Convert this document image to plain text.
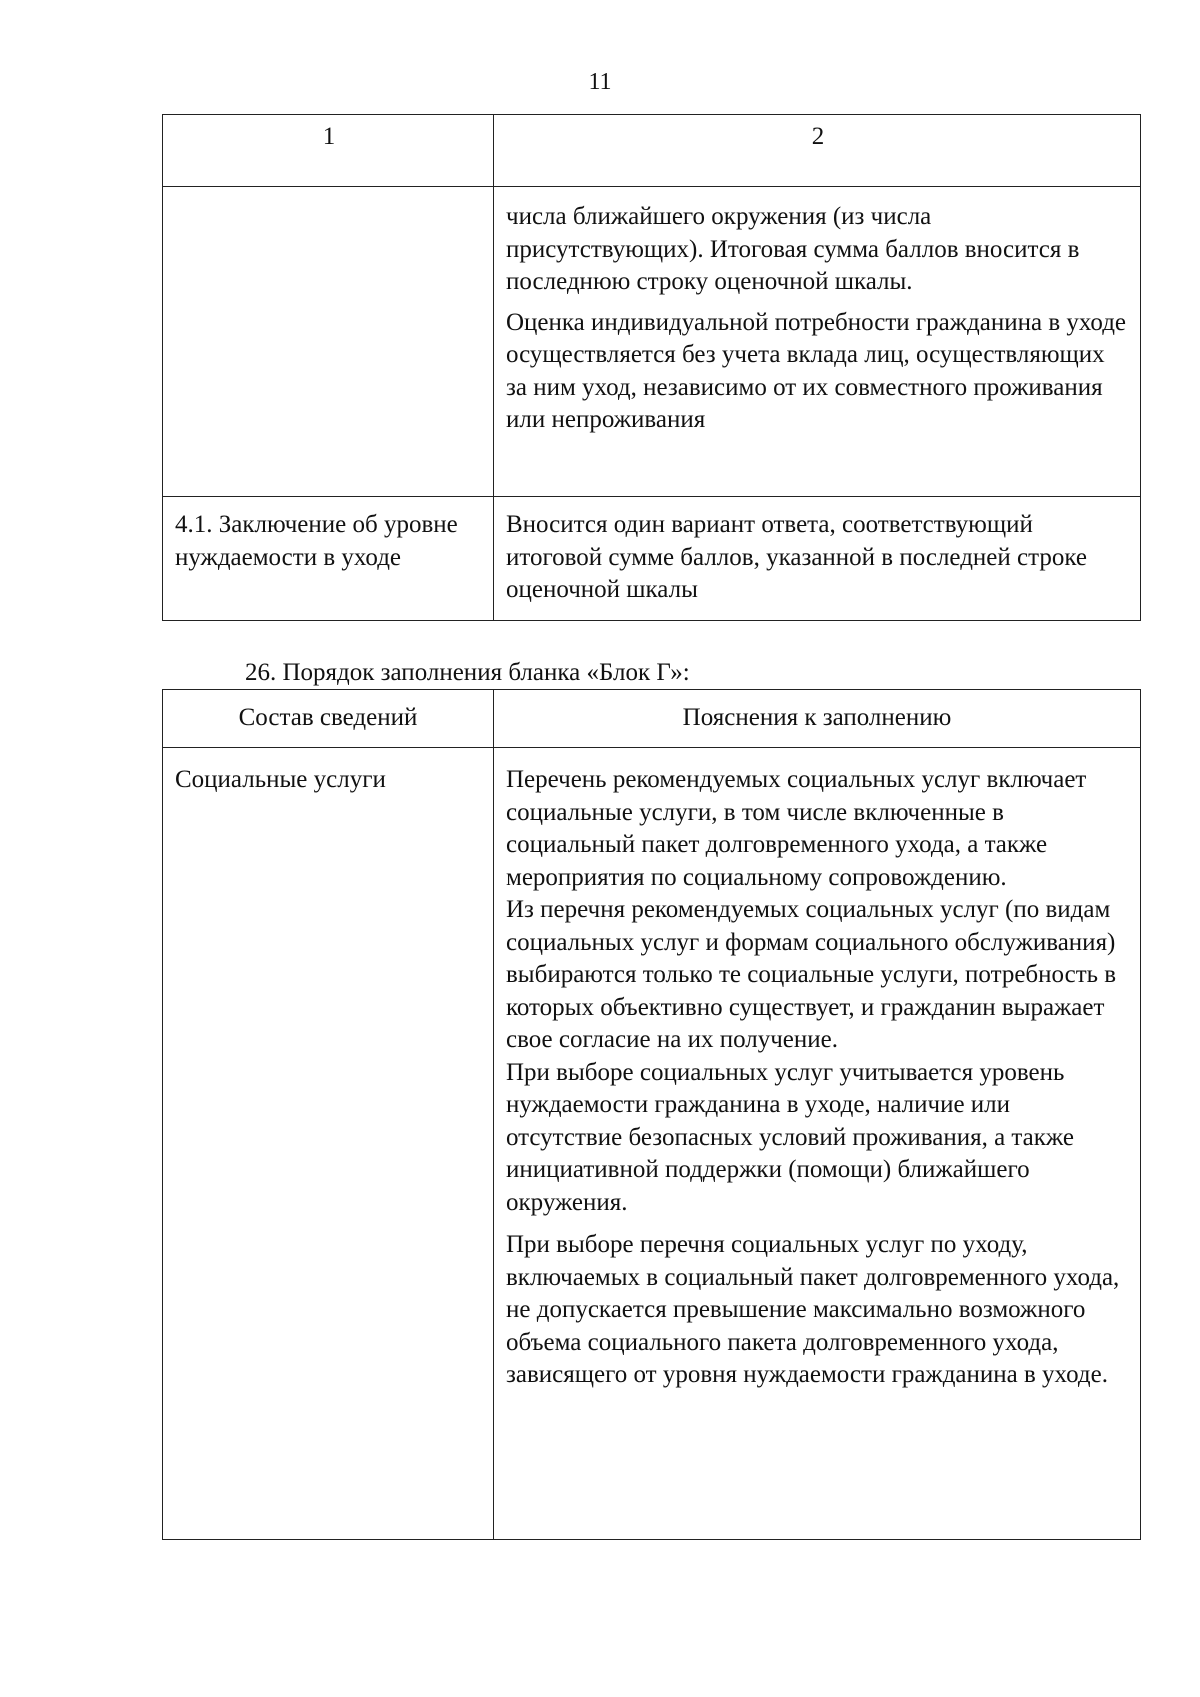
11
1	2

	числа ближайшего окружения (из числа присутствующих). Итоговая сумма баллов вносится в последнюю строку оценочной шкалы.

Оценка индивидуальной потребности гражданина в уходе осуществляется без учета вклада лиц, осуществляющих за ним уход, независимо от их совместного проживания или непроживания

4.1. Заключение об уровне нуждаемости в уходе	Вносится один вариант ответа, соответствующий итоговой сумме баллов, указанной в последней строке оценочной шкалы

26. Порядок заполнения бланка «Блок Г»:

Состав сведений	Пояснения к заполнению
Социальные услуги	Перечень рекомендуемых социальных услуг включает социальные услуги, в том числе включенные в социальный пакет долговременного ухода, а также мероприятия по социальному сопровождению.

Из перечня рекомендуемых социальных услуг (по видам социальных услуг и формам социального обслуживания) выбираются только те социальные услуги, потребность в которых объективно существует, и гражданин выражает свое согласие на их получение.

При выборе социальных услуг учитывается уровень нуждаемости гражданина в уходе, наличие или отсутствие безопасных условий проживания, а также инициативной поддержки (помощи) ближайшего окружения.

При выборе перечня социальных услуг по уходу, включаемых в социальный пакет долговременного ухода, не допускается превышение максимально возможного объема социального пакета долговременного ухода, зависящего от уровня нуждаемости гражданина в уходе.
